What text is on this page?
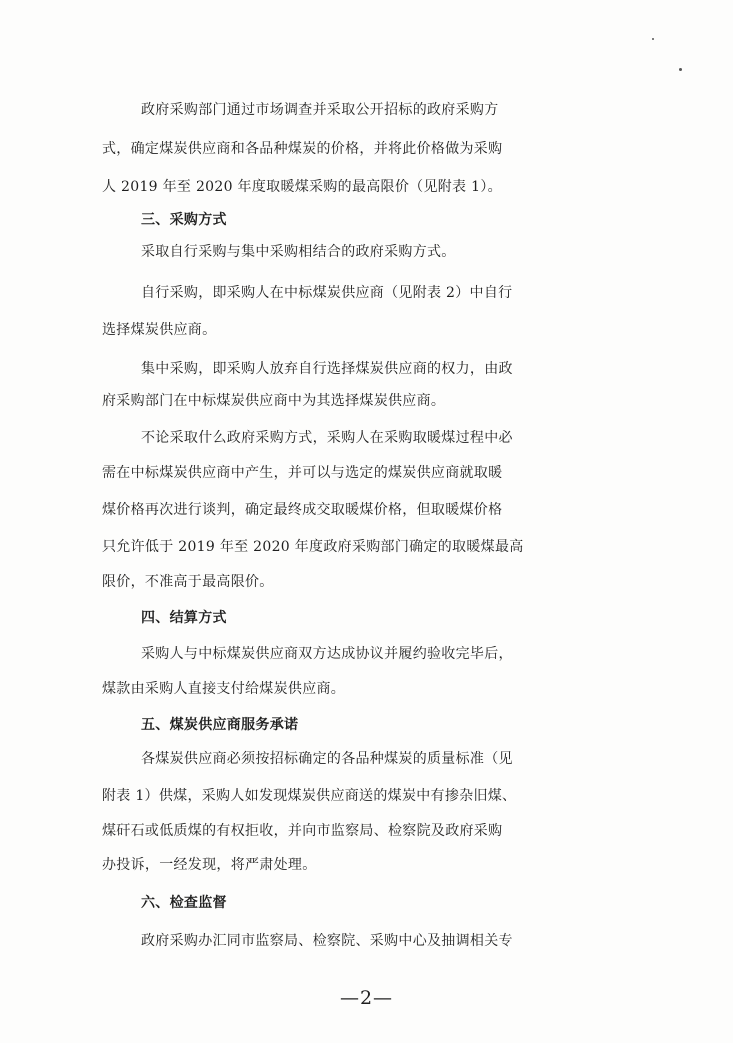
政府采购部门通过市场调查并采取公开招标的政府采购方
式，确定煤炭供应商和各品种煤炭的价格，并将此价格做为采购
人 2019 年至 2020 年度取暖煤采购的最高限价（见附表 1）。
三、采购方式
采取自行采购与集中采购相结合的政府采购方式。
自行采购，即采购人在中标煤炭供应商（见附表 2）中自行
选择煤炭供应商。
集中采购，即采购人放弃自行选择煤炭供应商的权力，由政
府采购部门在中标煤炭供应商中为其选择煤炭供应商。
不论采取什么政府采购方式，采购人在采购取暖煤过程中必
需在中标煤炭供应商中产生，并可以与选定的煤炭供应商就取暖
煤价格再次进行谈判，确定最终成交取暖煤价格，但取暖煤价格
只允许低于 2019 年至 2020 年度政府采购部门确定的取暖煤最高
限价，不准高于最高限价。
四、结算方式
采购人与中标煤炭供应商双方达成协议并履约验收完毕后，
煤款由采购人直接支付给煤炭供应商。
五、煤炭供应商服务承诺
各煤炭供应商必须按招标确定的各品种煤炭的质量标准（见
附表 1）供煤，采购人如发现煤炭供应商送的煤炭中有掺杂旧煤、
煤矸石或低质煤的有权拒收，并向市监察局、检察院及政府采购
办投诉，一经发现，将严肃处理。
六、检查监督
政府采购办汇同市监察局、检察院、采购中心及抽调相关专
—2—
